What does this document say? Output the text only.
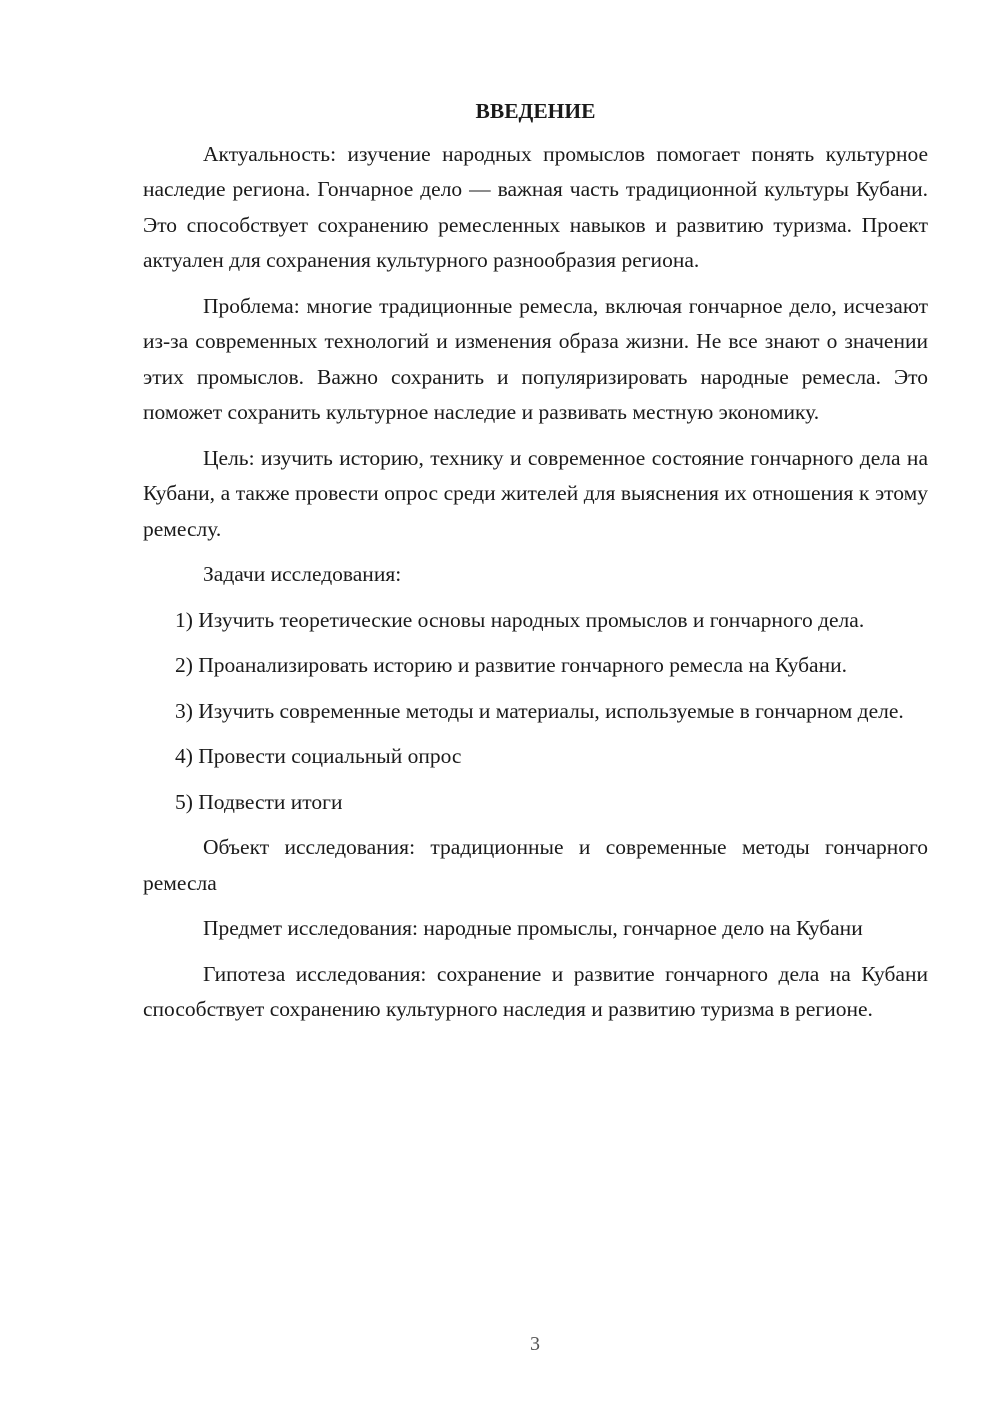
ВВЕДЕНИЕ

Актуальность: изучение народных промыслов помогает понять культурное наследие региона. Гончарное дело — важная часть традиционной культуры Кубани. Это способствует сохранению ремесленных навыков и развитию туризма. Проект актуален для сохранения культурного разнообразия региона.

Проблема: многие традиционные ремесла, включая гончарное дело, исчезают из-за современных технологий и изменения образа жизни. Не все знают о значении этих промыслов. Важно сохранить и популяризировать народные ремесла. Это поможет сохранить культурное наследие и развивать местную экономику.

Цель: изучить историю, технику и современное состояние гончарного дела на Кубани, а также провести опрос среди жителей для выяснения их отношения к этому ремеслу.

Задачи исследования:

1) Изучить теоретические основы народных промыслов и гончарного дела.

2) Проанализировать историю и развитие гончарного ремесла на Кубани.

3) Изучить современные методы и материалы, используемые в гончарном деле.

4) Провести социальный опрос

5) Подвести итоги

Объект исследования: традиционные и современные методы гончарного ремесла

Предмет исследования: народные промыслы, гончарное дело на Кубани

Гипотеза исследования: сохранение и развитие гончарного дела на Кубани способствует сохранению культурного наследия и развитию туризма в регионе.

3
